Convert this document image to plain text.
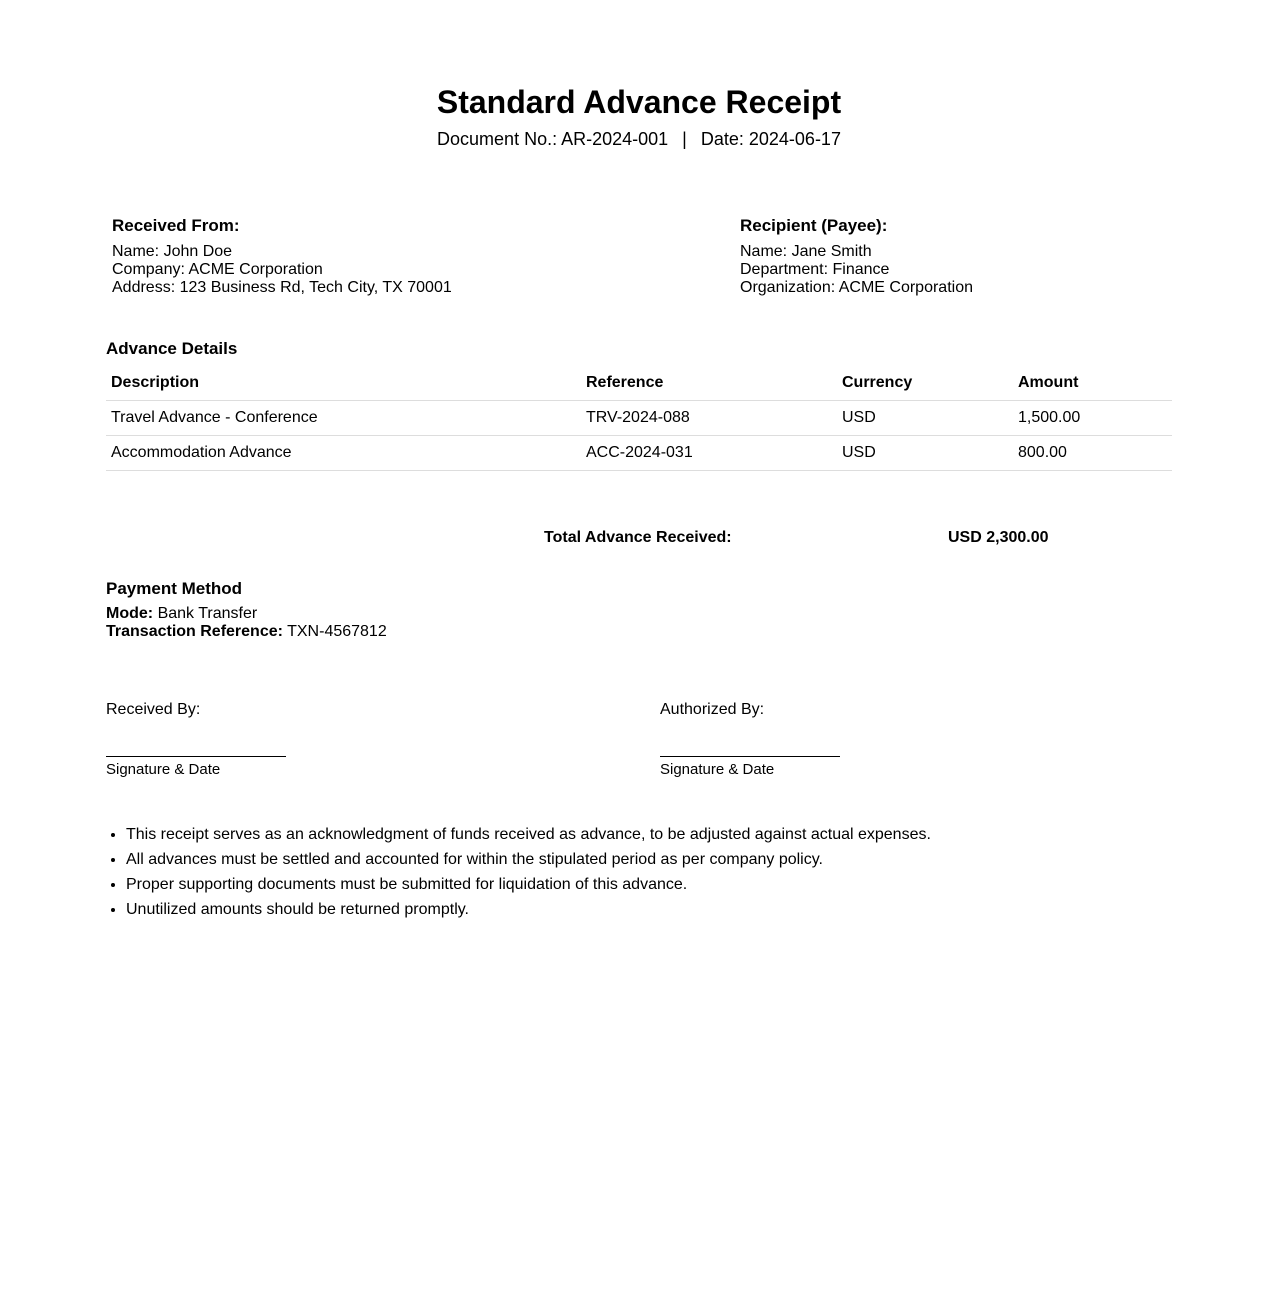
Standard Advance Receipt
Document No.: AR-2024-001 | Date: 2024-06-17
Received From:
Name: John Doe
Company: ACME Corporation
Address: 123 Business Rd, Tech City, TX 70001
Recipient (Payee):
Name: Jane Smith
Department: Finance
Organization: ACME Corporation
Advance Details
Description	Reference	Currency	Amount
Travel Advance - Conference	TRV-2024-088	USD	1,500.00
Accommodation Advance	ACC-2024-031	USD	800.00
Total Advance Received:	USD 2,300.00
Payment Method
Mode: Bank Transfer
Transaction Reference: TXN-4567812
Received By:
Signature & Date
Authorized By:
Signature & Date
• This receipt serves as an acknowledgment of funds received as advance, to be adjusted against actual expenses.
• All advances must be settled and accounted for within the stipulated period as per company policy.
• Proper supporting documents must be submitted for liquidation of this advance.
• Unutilized amounts should be returned promptly.
